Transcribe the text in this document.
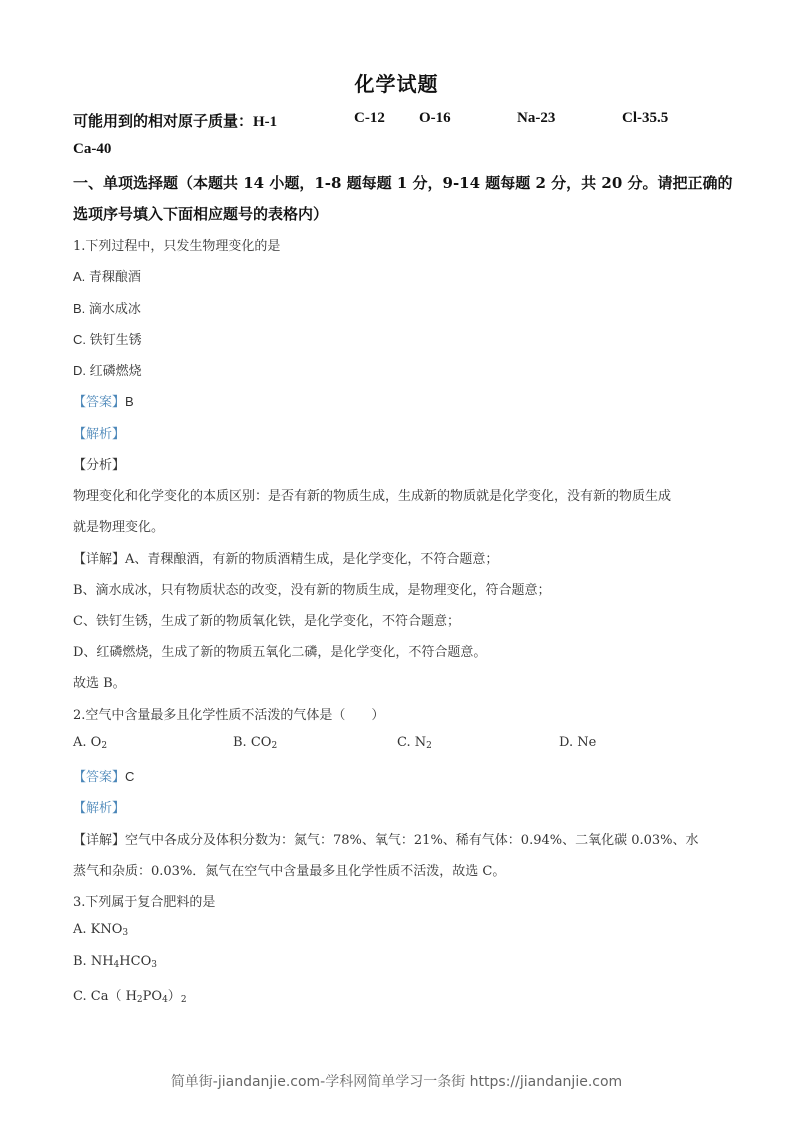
化学试题
可能用到的相对原子质量：H-1	C-12 O-16	Na-23	Cl-35.5
Ca-40
一、单项选择题（本题共 14 小题，1-8 题每题 1 分，9-14 题每题 2 分，共 20 分。请把正确的
选项序号填入下面相应题号的表格内）
1.下列过程中，只发生物理变化的是
A. 青稞酿酒
B. 滴水成冰
C. 铁钉生锈
D. 红磷燃烧
【答案】B
【解析】
【分析】
物理变化和化学变化的本质区别：是否有新的物质生成，生成新的物质就是化学变化，没有新的物质生成
就是物理变化。
【详解】A、青稞酿酒，有新的物质酒精生成，是化学变化，不符合题意；
B、滴水成冰，只有物质状态的改变，没有新的物质生成，是物理变化，符合题意；
C、铁钉生锈，生成了新的物质氧化铁，是化学变化，不符合题意；
D、红磷燃烧，生成了新的物质五氧化二磷，是化学变化，不符合题意。
故选 B。
2.空气中含量最多且化学性质不活泼的气体是（　　）
A. $O_2$	B. $CO_2$	C. $N_2$	D. Ne
【答案】C
【解析】
【详解】空气中各成分及体积分数为：氮气：78%、氧气：21%、稀有气体：0.94%、二氧化碳 0.03%、水
蒸气和杂质：0.03%．氮气在空气中含量最多且化学性质不活泼，故选 C。
3.下列属于复合肥料的是
A. $KNO_3$
B. $NH_4HCO_3$
C. Ca（ $H_2PO_4)_2$
简单街-jiandanjie.com-学科网简单学习一条街 https://jiandanjie.com
